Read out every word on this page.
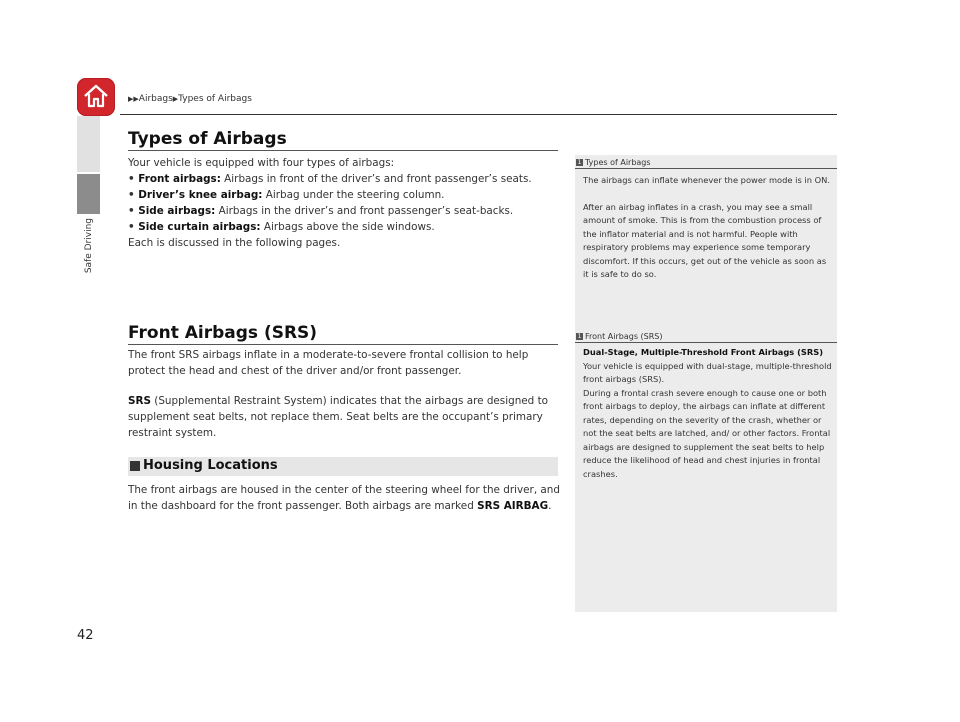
▶▶Airbags▶Types of Airbags
Safe Driving
Types of Airbags

Your vehicle is equipped with four types of airbags:

• Front airbags: Airbags in front of the driver’s and front passenger’s seats.

• Driver’s knee airbag: Airbag under the steering column.

• Side airbags: Airbags in the driver’s and front passenger’s seat-backs.

• Side curtain airbags: Airbags above the side windows.

Each is discussed in the following pages.

Front Airbags (SRS)

The front SRS airbags inflate in a moderate-to-severe frontal collision to help protect the head and chest of the driver and/or front passenger.

SRS (Supplemental Restraint System) indicates that the airbags are designed to supplement seat belts, not replace them. Seat belts are the occupant’s primary restraint system.

Housing Locations

The front airbags are housed in the center of the steering wheel for the driver, and in the dashboard for the front passenger. Both airbags are marked SRS AIRBAG.

1 Types of Airbags

The airbags can inflate whenever the power mode is in ON.

After an airbag inflates in a crash, you may see a small amount of smoke. This is from the combustion process of the inflator material and is not harmful. People with respiratory problems may experience some temporary discomfort. If this occurs, get out of the vehicle as soon as it is safe to do so.

1 Front Airbags (SRS)

Dual-Stage, Multiple-Threshold Front Airbags (SRS)

Your vehicle is equipped with dual-stage, multiple-threshold front airbags (SRS).

During a frontal crash severe enough to cause one or both front airbags to deploy, the airbags can inflate at different rates, depending on the severity of the crash, whether or not the seat belts are latched, and/ or other factors. Frontal airbags are designed to supplement the seat belts to help reduce the likelihood of head and chest injuries in frontal crashes.

42
